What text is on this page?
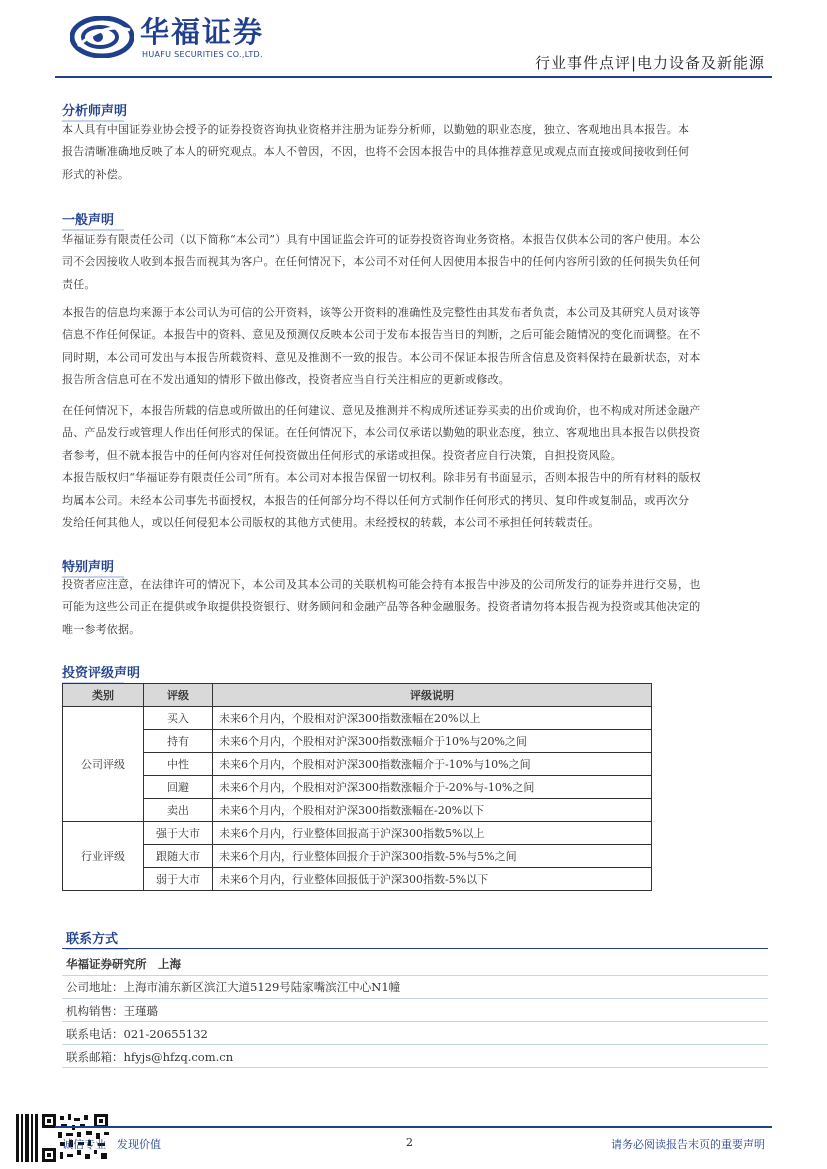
华福证券
HUAFU SECURITIES CO.,LTD.	行业事件点评|电力设备及新能源
分析师声明
本人具有中国证券业协会授予的证券投资咨询执业资格并注册为证券分析师，以勤勉的职业态度，独立、客观地出具本报告。本
报告清晰准确地反映了本人的研究观点。本人不曾因，不因，也将不会因本报告中的具体推荐意见或观点而直接或间接收到任何
形式的补偿。
一般声明
华福证券有限责任公司（以下简称“本公司”）具有中国证监会许可的证券投资咨询业务资格。本报告仅供本公司的客户使用。本公
司不会因接收人收到本报告而视其为客户。在任何情况下，本公司不对任何人因使用本报告中的任何内容所引致的任何损失负任何
责任。
本报告的信息均来源于本公司认为可信的公开资料，该等公开资料的准确性及完整性由其发布者负责，本公司及其研究人员对该等
信息不作任何保证。本报告中的资料、意见及预测仅反映本公司于发布本报告当日的判断，之后可能会随情况的变化而调整。在不
同时期，本公司可发出与本报告所载资料、意见及推测不一致的报告。本公司不保证本报告所含信息及资料保持在最新状态，对本
报告所含信息可在不发出通知的情形下做出修改，投资者应当自行关注相应的更新或修改。
在任何情况下，本报告所载的信息或所做出的任何建议、意见及推测并不构成所述证券买卖的出价或询价，也不构成对所述金融产
品、产品发行或管理人作出任何形式的保证。在任何情况下，本公司仅承诺以勤勉的职业态度，独立、客观地出具本报告以供投资
者参考，但不就本报告中的任何内容对任何投资做出任何形式的承诺或担保。投资者应自行决策，自担投资风险。
本报告版权归“华福证券有限责任公司”所有。本公司对本报告保留一切权利。除非另有书面显示，否则本报告中的所有材料的版权
均属本公司。未经本公司事先书面授权，本报告的任何部分均不得以任何方式制作任何形式的拷贝、复印件或复制品，或再次分
发给任何其他人，或以任何侵犯本公司版权的其他方式使用。未经授权的转载，本公司不承担任何转载责任。
特别声明
投资者应注意，在法律许可的情况下，本公司及其本公司的关联机构可能会持有本报告中涉及的公司所发行的证券并进行交易，也
可能为这些公司正在提供或争取提供投资银行、财务顾问和金融产品等各种金融服务。投资者请勿将本报告视为投资或其他决定的
唯一参考依据。
投资评级声明
类别	评级	评级说明
公司评级	买入	未来6个月内，个股相对沪深300指数涨幅在20%以上
	持有	未来6个月内，个股相对沪深300指数涨幅介于10%与20%之间
	中性	未来6个月内，个股相对沪深300指数涨幅介于-10%与10%之间
	回避	未来6个月内，个股相对沪深300指数涨幅介于-20%与-10%之间
	卖出	未来6个月内，个股相对沪深300指数涨幅在-20%以下
行业评级	强于大市	未来6个月内，行业整体回报高于沪深300指数5%以上
	跟随大市	未来6个月内，行业整体回报介于沪深300指数-5%与5%之间
	弱于大市	未来6个月内，行业整体回报低于沪深300指数-5%以下
联系方式
华福证券研究所　上海
公司地址：上海市浦东新区滨江大道5129号陆家嘴滨江中心N1幢
机构销售：王瑾璐
联系电话：021-20655132
联系邮箱：hfyjs@hfzq.com.cn
诚信专业　发现价值	2	请务必阅读报告末页的重要声明
